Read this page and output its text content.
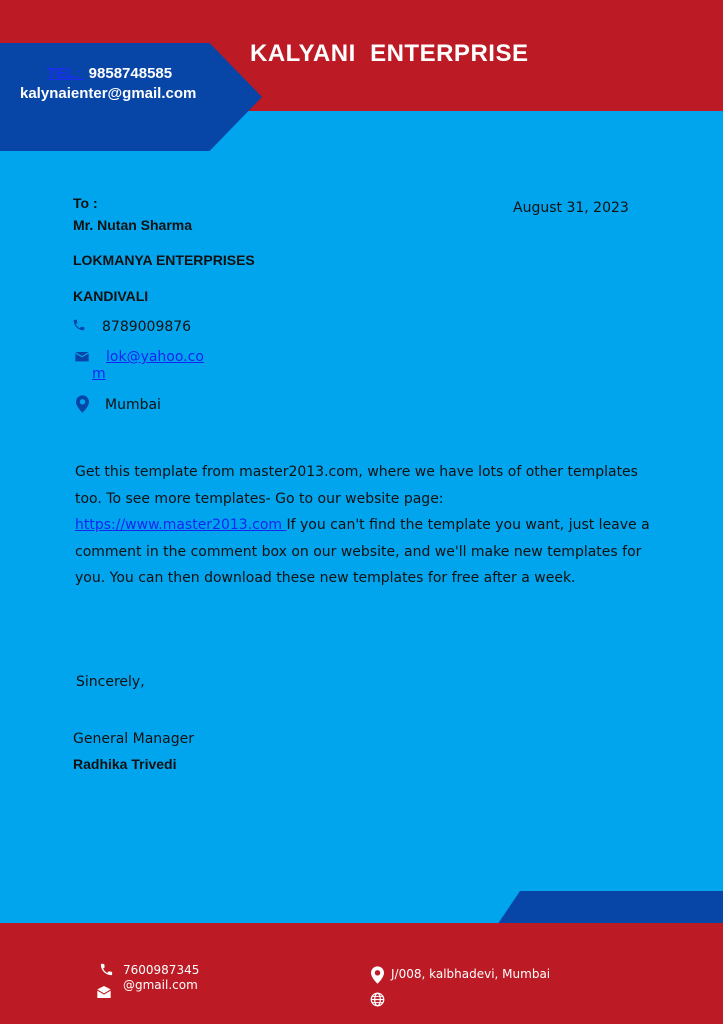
KALYANI  ENTERPRISE
TEL:  9858748585
kalynaienter@gmail.com
August 31, 2023
To :
Mr. Nutan Sharma
LOKMANYA ENTERPRISES
KANDIVALI
8789009876
lok@yahoo.co
m
Mumbai
Get this template from master2013.com, where we have lots of other templates too. To see more templates- Go to our website page: https://www.master2013.com If you can't find the template you want, just leave a comment in the comment box on our website, and we'll make new templates for you. You can then download these new templates for free after a week.
Sincerely,
General Manager
Radhika Trivedi
7600987345
@gmail.com
J/008, kalbhadevi, Mumbai
